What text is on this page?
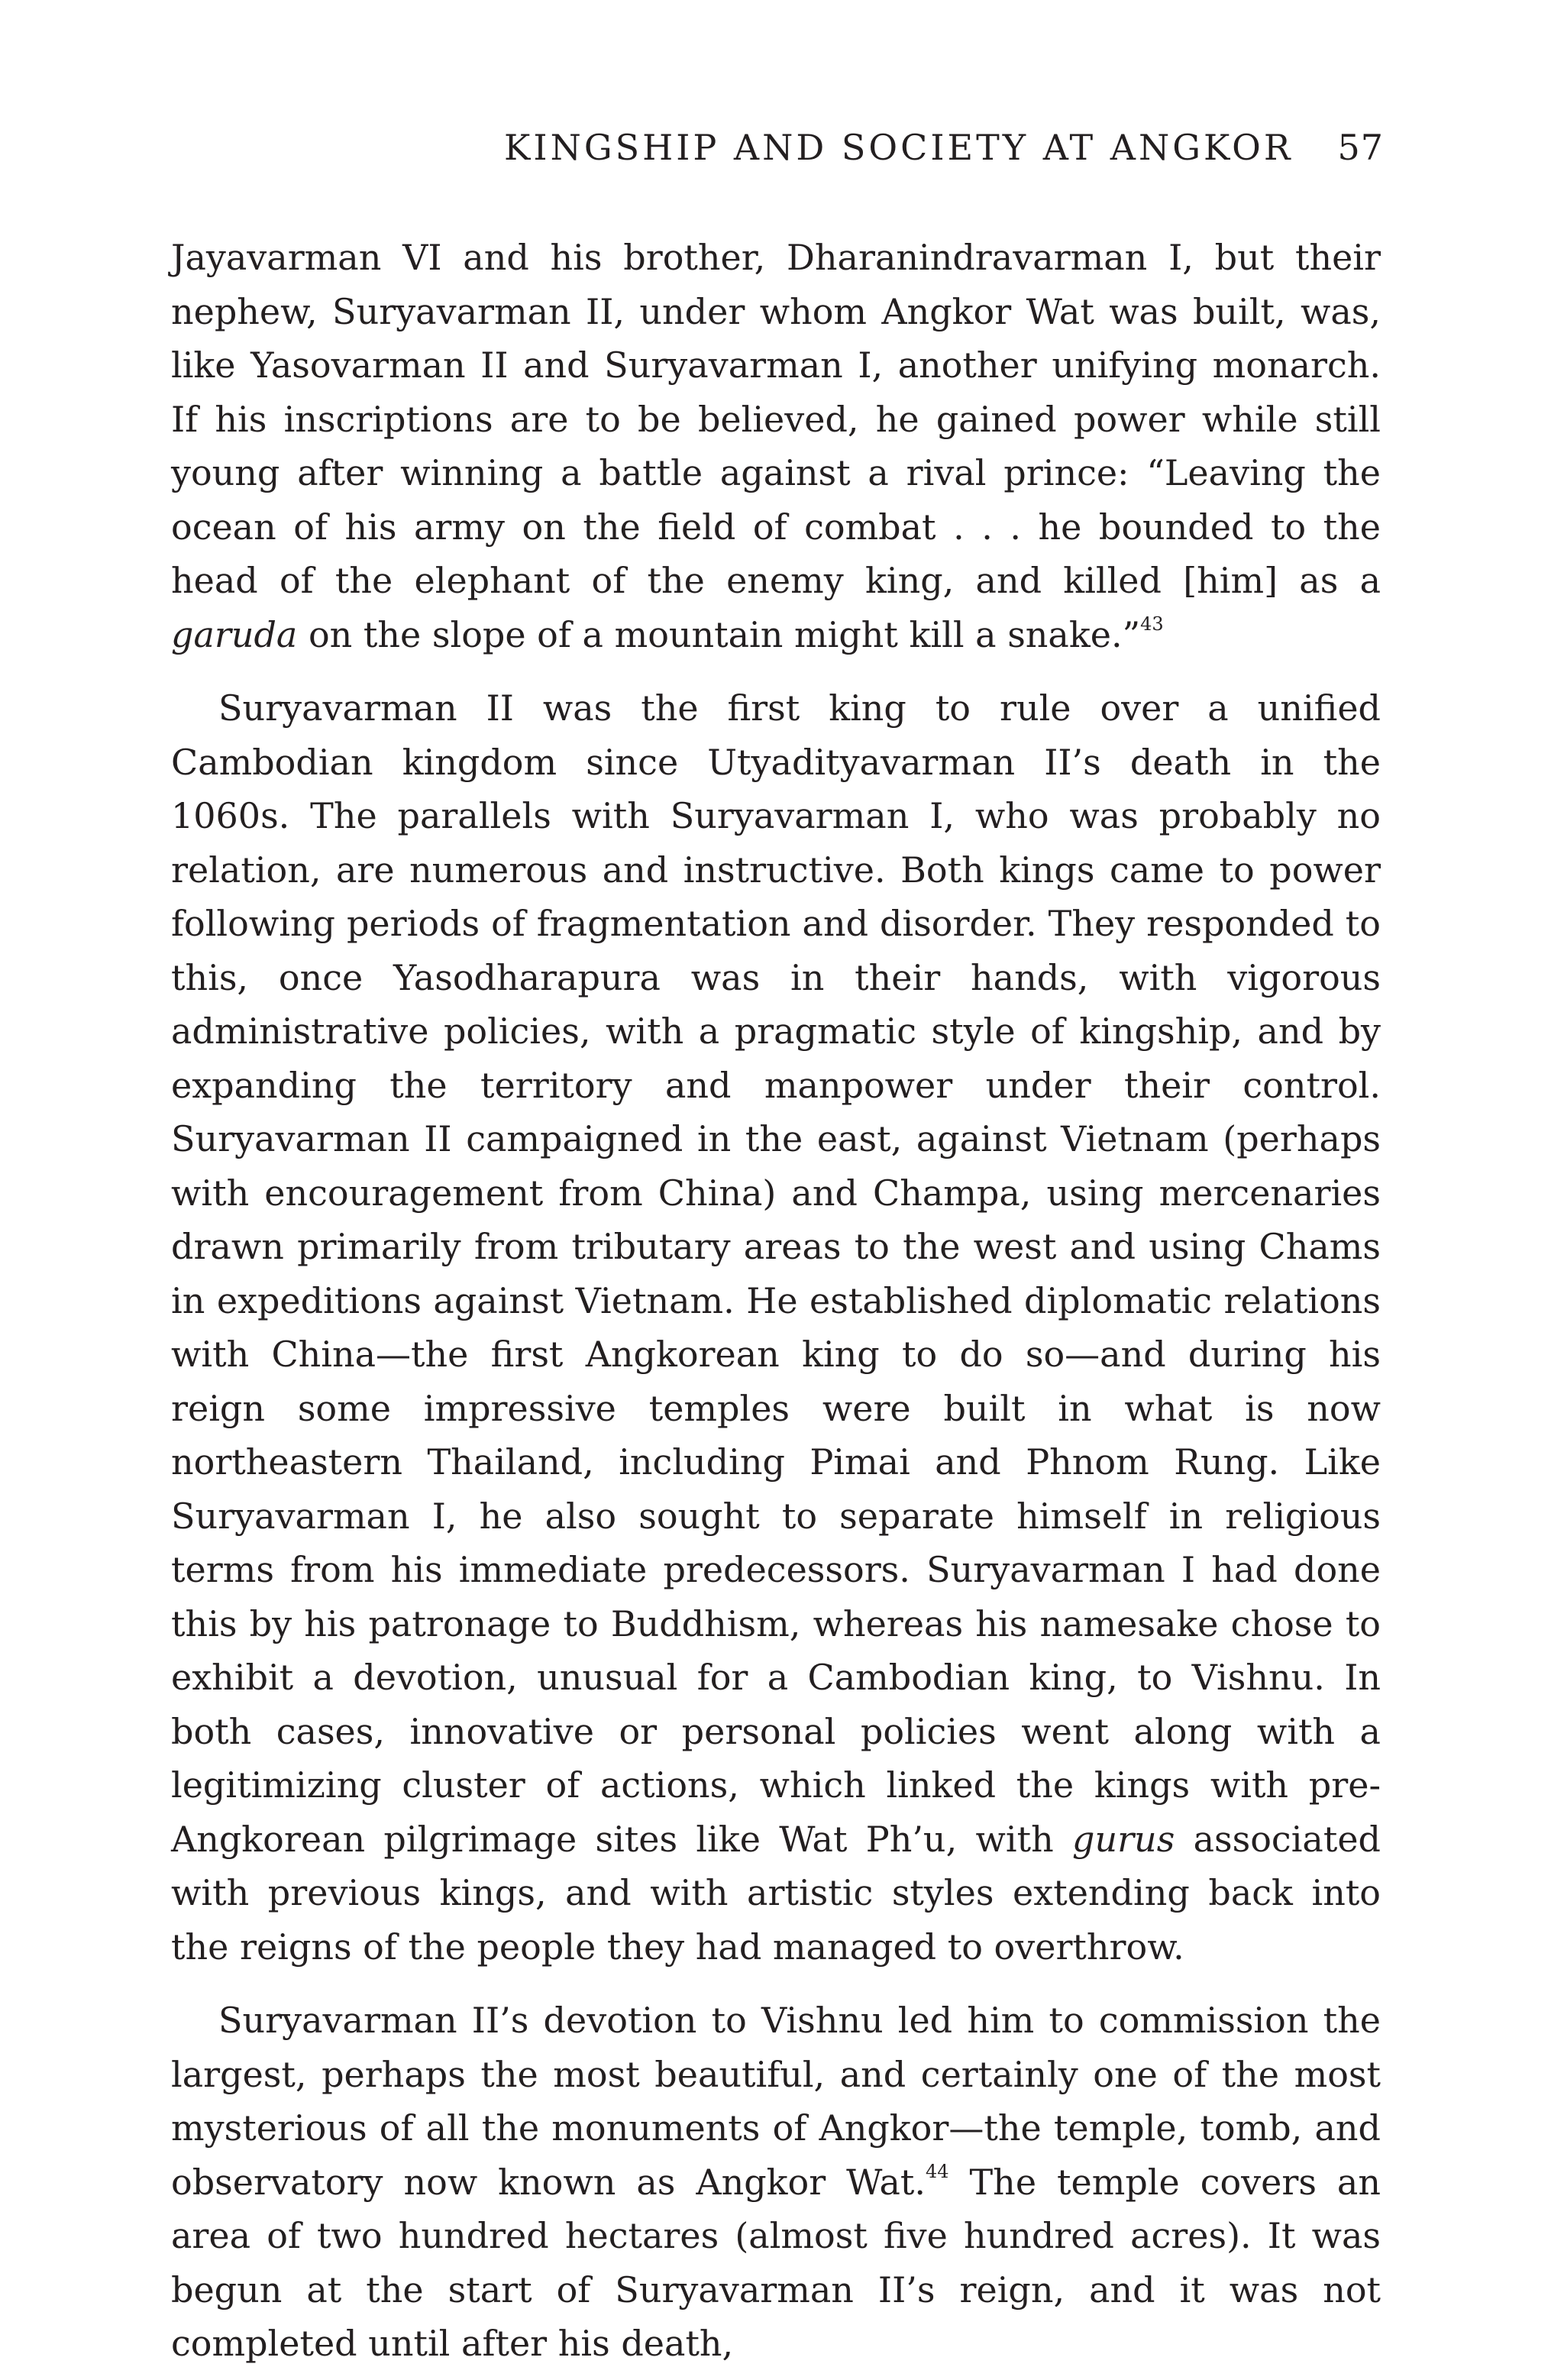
KINGSHIP AND SOCIETY AT ANGKOR 57

Jayavarman VI and his brother, Dharanindravarman I, but their nephew, Suryavarman II, under whom Angkor Wat was built, was, like Yasovarman II and Suryavarman I, another unifying monarch. If his inscriptions are to be believed, he gained power while still young after winning a battle against a rival prince: “Leaving the ocean of his army on the field of combat . . . he bounded to the head of the elephant of the enemy king, and killed [him] as a garuda on the slope of a mountain might kill a snake.”$^{43}$

Suryavarman II was the first king to rule over a unified Cambodian kingdom since Utyadityavarman II’s death in the 1060s. The parallels with Suryavarman I, who was probably no relation, are numerous and instructive. Both kings came to power following periods of fragmentation and disorder. They responded to this, once Yasodharapura was in their hands, with vigorous administrative policies, with a pragmatic style of kingship, and by expanding the territory and manpower under their control. Suryavarman II campaigned in the east, against Vietnam (perhaps with encouragement from China) and Champa, using mercenaries drawn primarily from tributary areas to the west and using Chams in expeditions against Vietnam. He established diplomatic relations with China—the first Angkorean king to do so—and during his reign some impressive temples were built in what is now northeastern Thailand, including Pimai and Phnom Rung. Like Suryavarman I, he also sought to separate himself in religious terms from his immediate predecessors. Suryavarman I had done this by his patronage to Buddhism, whereas his namesake chose to exhibit a devotion, unusual for a Cambodian king, to Vishnu. In both cases, innovative or personal policies went along with a legitimizing cluster of actions, which linked the kings with pre-Angkorean pilgrimage sites like Wat Ph’u, with gurus associated with previous kings, and with artistic styles extending back into the reigns of the people they had managed to overthrow.

Suryavarman II’s devotion to Vishnu led him to commission the largest, perhaps the most beautiful, and certainly one of the most mysterious of all the monuments of Angkor—the temple, tomb, and observatory now known as Angkor Wat.$^{44}$ The temple covers an area of two hundred hectares (almost five hundred acres). It was begun at the start of Suryavarman II’s reign, and it was not completed until after his death,
